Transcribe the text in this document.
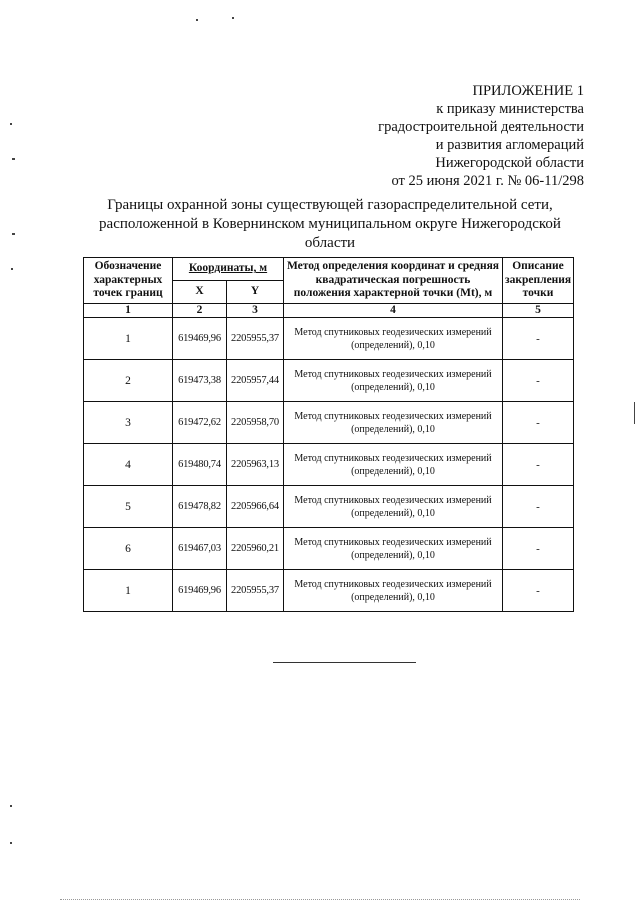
ПРИЛОЖЕНИЕ 1
к приказу министерства
градостроительной деятельности
и развития агломераций
Нижегородской области
от 25 июня 2021 г. № 06-11/298
Границы охранной зоны существующей газораспределительной сети,
расположенной в Ковернинском муниципальном округе Нижегородской
области
Обозначение характерных точек границ	Координаты, м		Метод определения координат и средняя квадратическая погрешность положения характерной точки (Mt), м	Описание закрепления точки
	X	Y		
1	2	3	4	5
1	619469,96	2205955,37	Метод спутниковых геодезических измерений (определений), 0,10	-
2	619473,38	2205957,44	Метод спутниковых геодезических измерений (определений), 0,10	-
3	619472,62	2205958,70	Метод спутниковых геодезических измерений (определений), 0,10	-
4	619480,74	2205963,13	Метод спутниковых геодезических измерений (определений), 0,10	-
5	619478,82	2205966,64	Метод спутниковых геодезических измерений (определений), 0,10	-
6	619467,03	2205960,21	Метод спутниковых геодезических измерений (определений), 0,10	-
1	619469,96	2205955,37	Метод спутниковых геодезических измерений (определений), 0,10	-
